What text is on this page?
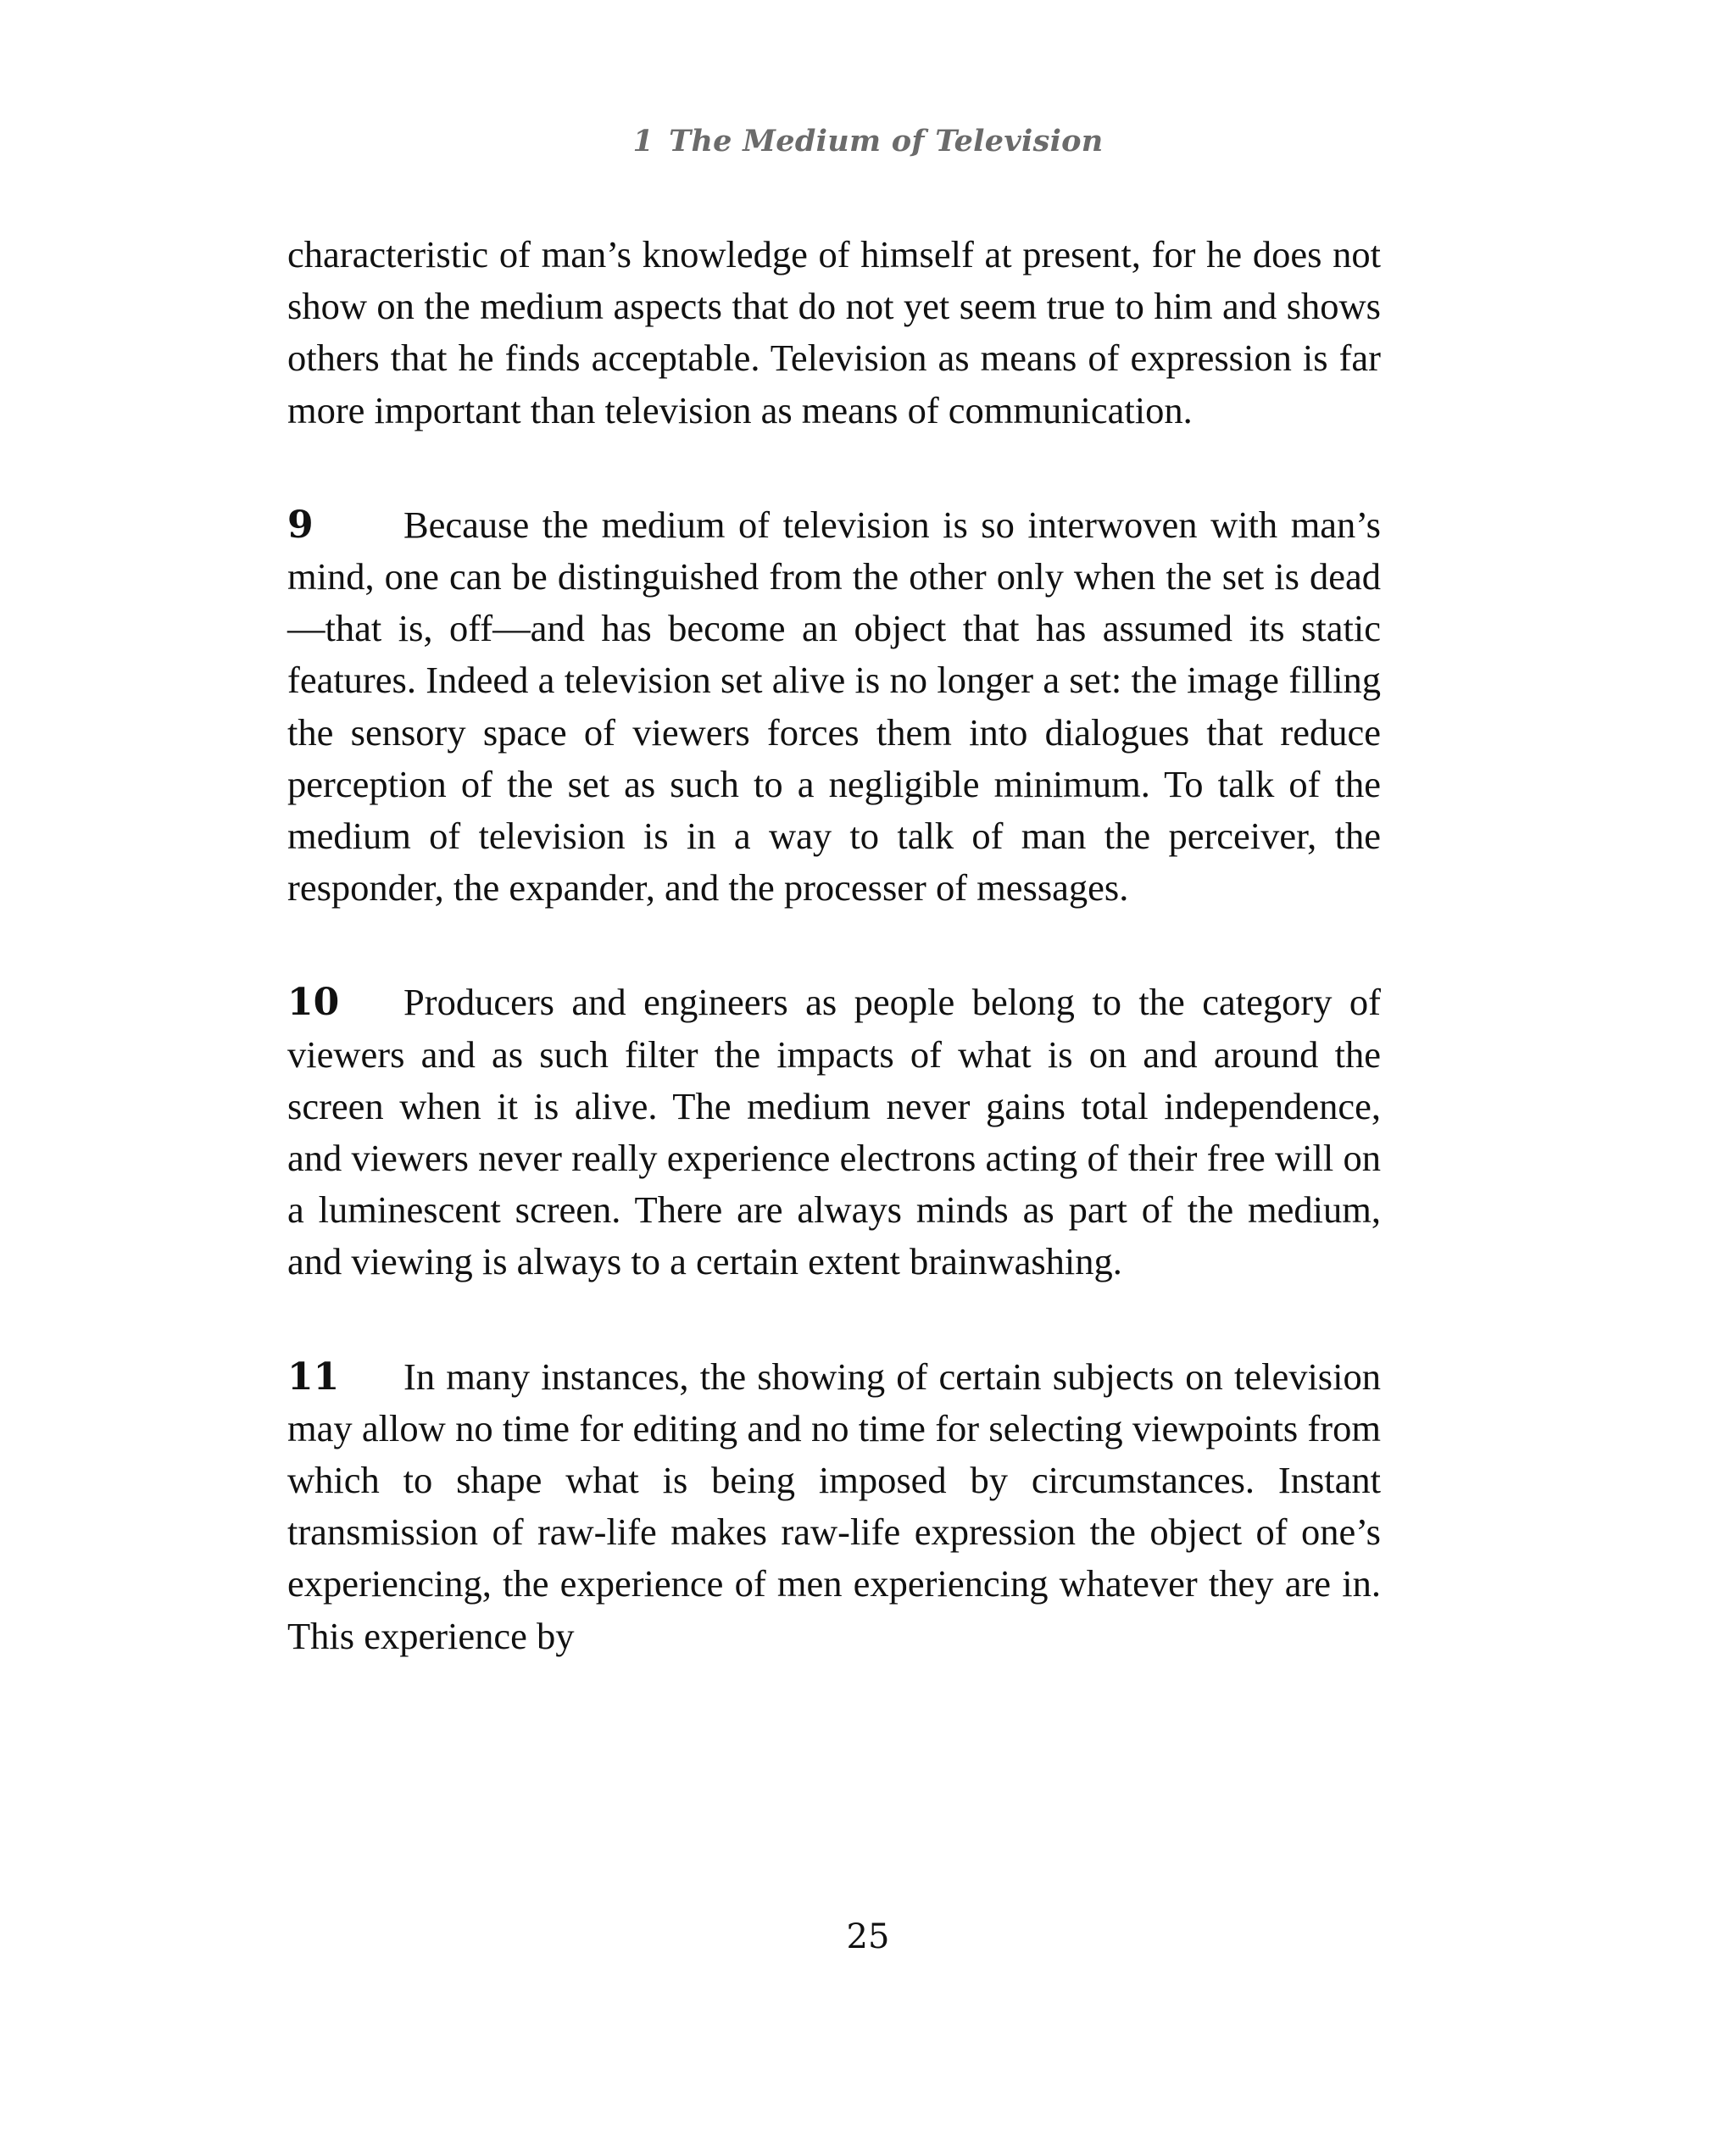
1 The Medium of Television

characteristic of man’s knowledge of himself at present, for he does not show on the medium aspects that do not yet seem true to him and shows others that he finds acceptable. Television as means of expression is far more important than television as means of communication.

9 Because the medium of television is so interwoven with man’s mind, one can be distinguished from the other only when the set is dead—that is, off—and has become an object that has assumed its static features. Indeed a television set alive is no longer a set: the image filling the sensory space of viewers forces them into dialogues that reduce perception of the set as such to a negligible minimum. To talk of the medium of television is in a way to talk of man the perceiver, the responder, the expander, and the processer of messages.

10 Producers and engineers as people belong to the category of viewers and as such filter the impacts of what is on and around the screen when it is alive. The medium never gains total independence, and viewers never really experience electrons acting of their free will on a luminescent screen. There are always minds as part of the medium, and viewing is always to a certain extent brainwashing.

11 In many instances, the showing of certain subjects on television may allow no time for editing and no time for selecting viewpoints from which to shape what is being imposed by circumstances. Instant transmission of raw-life makes raw-life expression the object of one’s experiencing, the experience of men experiencing whatever they are in. This experience by

25
